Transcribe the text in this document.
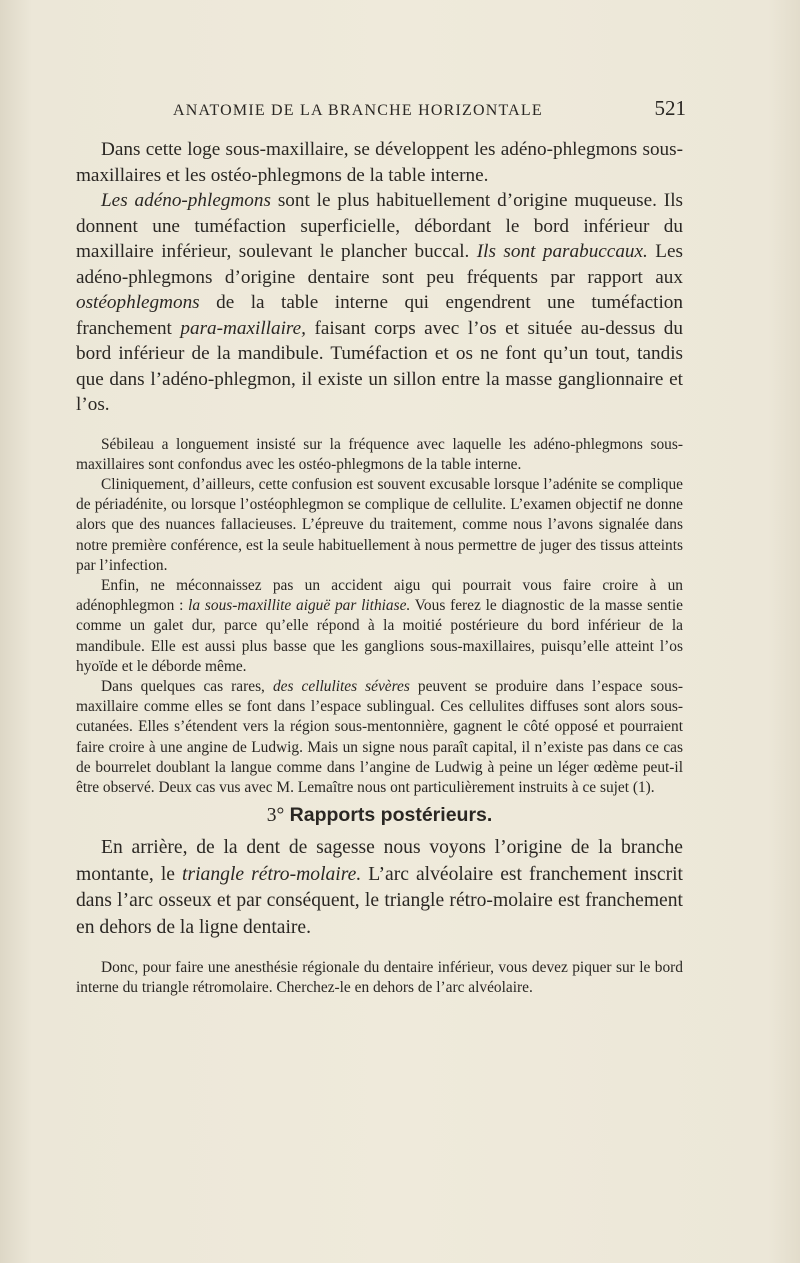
ANATOMIE DE LA BRANCHE HORIZONTALE	521

Dans cette loge sous-maxillaire, se développent les adéno-phlegmons sous-maxillaires et les ostéo-phlegmons de la table interne.

Les adéno-phlegmons sont le plus habituellement d’origine muqueuse. Ils donnent une tuméfaction superficielle, débordant le bord inférieur du maxillaire inférieur, soulevant le plancher buccal. Ils sont parabuccaux. Les adéno-phlegmons d’origine dentaire sont peu fréquents par rapport aux ostéophlegmons de la table interne qui engendrent une tuméfaction franchement para-maxillaire, faisant corps avec l’os et située au-dessus du bord inférieur de la mandibule. Tuméfaction et os ne font qu’un tout, tandis que dans l’adéno-phlegmon, il existe un sillon entre la masse ganglionnaire et l’os.

Sébileau a longuement insisté sur la fréquence avec laquelle les adéno-phlegmons sous-maxillaires sont confondus avec les ostéo-phlegmons de la table interne.

Cliniquement, d’ailleurs, cette confusion est souvent excusable lorsque l’adénite se complique de périadénite, ou lorsque l’ostéophlegmon se complique de cellulite. L’examen objectif ne donne alors que des nuances fallacieuses. L’épreuve du traitement, comme nous l’avons signalée dans notre première conférence, est la seule habituellement à nous permettre de juger des tissus atteints par l’infection.

Enfin, ne méconnaissez pas un accident aigu qui pourrait vous faire croire à un adénophlegmon : la sous-maxillite aiguë par lithiase. Vous ferez le diagnostic de la masse sentie comme un galet dur, parce qu’elle répond à la moitié postérieure du bord inférieur de la mandibule. Elle est aussi plus basse que les ganglions sous-maxillaires, puisqu’elle atteint l’os hyoïde et le déborde même.

Dans quelques cas rares, des cellulites sévères peuvent se produire dans l’espace sous-maxillaire comme elles se font dans l’espace sublingual. Ces cellulites diffuses sont alors sous-cutanées. Elles s’étendent vers la région sous-mentonnière, gagnent le côté opposé et pourraient faire croire à une angine de Ludwig. Mais un signe nous paraît capital, il n’existe pas dans ce cas de bourrelet doublant la langue comme dans l’angine de Ludwig à peine un léger œdème peut-il être observé. Deux cas vus avec M. Lemaître nous ont particulièrement instruits à ce sujet (1).

3° Rapports postérieurs.

En arrière, de la dent de sagesse nous voyons l’origine de la branche montante, le triangle rétro-molaire. L’arc alvéolaire est franchement inscrit dans l’arc osseux et par conséquent, le triangle rétro-molaire est franchement en dehors de la ligne dentaire.

Donc, pour faire une anesthésie régionale du dentaire inférieur, vous devez piquer sur le bord interne du triangle rétromolaire. Cherchez-le en dehors de l’arc alvéolaire.
